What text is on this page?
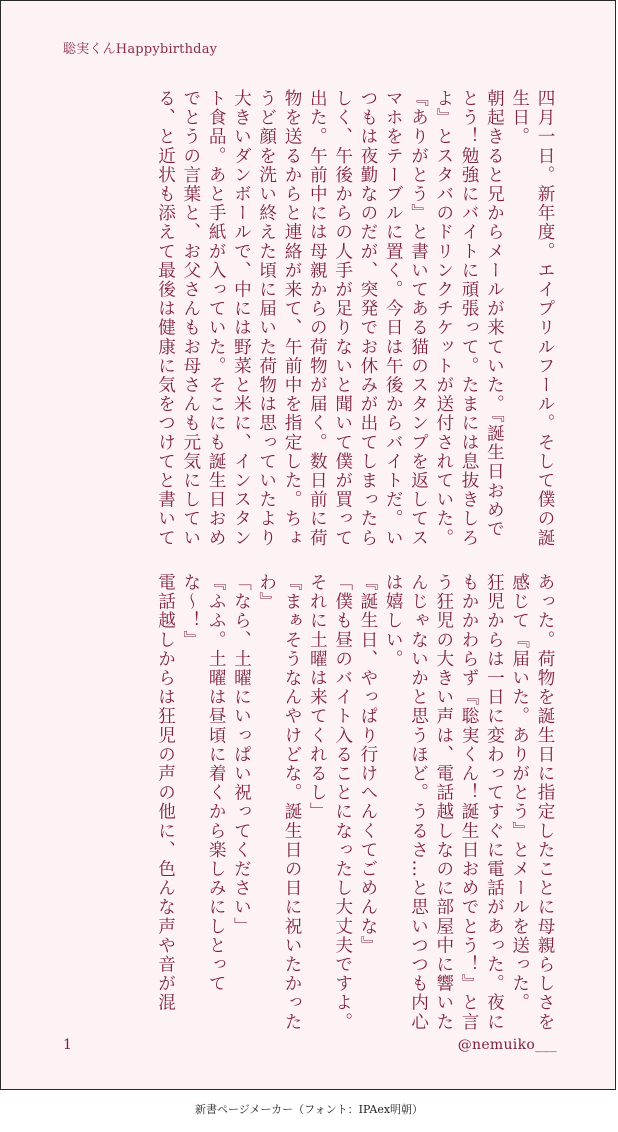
聡実くんHappybirthday
四月一日。新年度。エイプリルフール。そして僕の誕
生日。
朝起きると兄からメールが来ていた。『誕生日おめで
とう！勉強にバイトに頑張って。たまには息抜きしろ
よ』とスタバのドリンクチケットが送付されていた。
『ありがとう』と書いてある猫のスタンプを返してス
マホをテーブルに置く。今日は午後からバイトだ。い
つもは夜勤なのだが、突発でお休みが出てしまったら
しく、午後からの人手が足りないと聞いて僕が買って
出た。午前中には母親からの荷物が届く。数日前に荷
物を送るからと連絡が来て、午前中を指定した。ちょ
うど顔を洗い終えた頃に届いた荷物は思っていたより
大きいダンボールで、中には野菜と米に、インスタン
ト食品。あと手紙が入っていた。そこにも誕生日おめ
でとうの言葉と、お父さんもお母さんも元気にしてい
る、と近状も添えて最後は健康に気をつけてと書いて
あった。荷物を誕生日に指定したことに母親らしさを
感じて『届いた。ありがとう』とメールを送った。
狂児からは一日に変わってすぐに電話があった。夜に
もかかわらず『聡実くん！誕生日おめでとう！』と言
う狂児の大きい声は、電話越しなのに部屋中に響いた
んじゃないかと思うほど。うるさ…と思いつつも内心
は嬉しい。
『誕生日、やっぱり行けへんくてごめんな』
「僕も昼のバイト入ることになったし大丈夫ですよ。
それに土曜は来てくれるし」
『まぁそうなんやけどな。誕生日の日に祝いたかった
わ』
「なら、土曜にいっぱい祝ってください」
『ふふ。土曜は昼頃に着くから楽しみにしとって
な～！』
電話越しからは狂児の声の他に、色んな声や音が混
1	@nemuiko___
新書ページメーカー（フォント：IPAex明朝）
